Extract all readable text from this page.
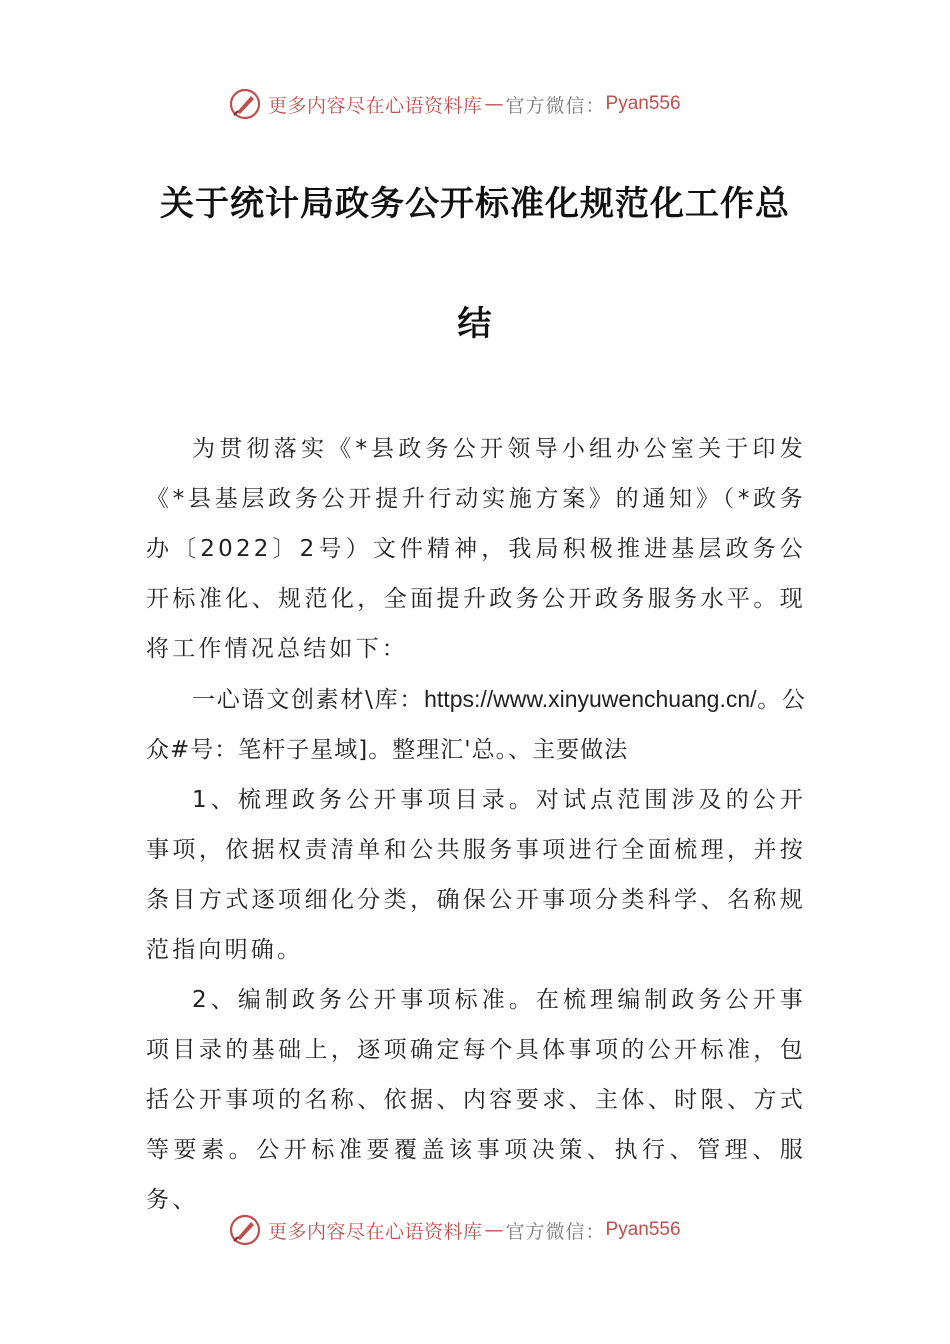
更多内容尽在心语资料库 — 官方微信： Pyan556
关于统计局政务公开标准化规范化工作总
结

为贯彻落实《*县政务公开领导小组办公室关于印发《*县基层政务公开提升行动实施方案》的通知》（*政务办〔2022〕2号）文件精神，我局积极推进基层政务公开标准化、规范化，全面提升政务公开政务服务水平。现将工作情况总结如下：

一心语文创素材\库：https://www.xinyuwenchuang.cn/。公众#号：笔杆子星域]。整理汇'总。、主要做法

1、梳理政务公开事项目录。对试点范围涉及的公开事项，依据权责清单和公共服务事项进行全面梳理，并按条目方式逐项细化分类，确保公开事项分类科学、名称规范指向明确。

2、编制政务公开事项标准。在梳理编制政务公开事项目录的基础上，逐项确定每个具体事项的公开标准，包括公开事项的名称、依据、内容要求、主体、时限、方式等要素。公开标准要覆盖该事项决策、执行、管理、服务、

更多内容尽在心语资料库 — 官方微信： Pyan556
